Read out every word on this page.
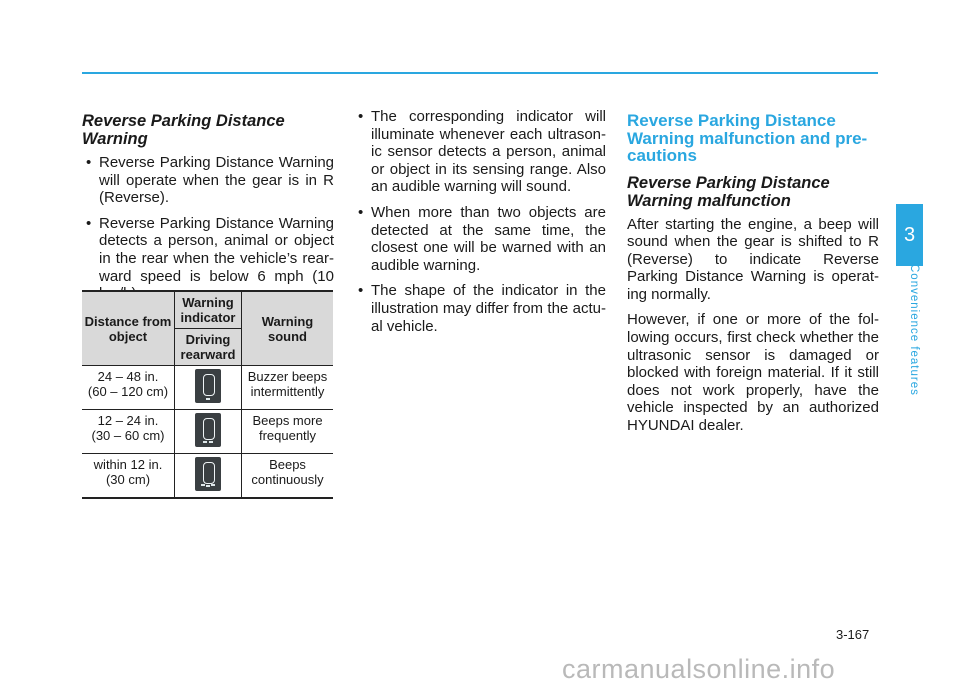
Reverse Parking Distance Warning
• Reverse Parking Distance Warning will operate when the gear is in R (Reverse).
• Reverse Parking Distance Warning detects a person, animal or object in the rear when the vehicle’s rear-ward speed is below 6 mph (10
Distance from object	Warning indicator	Warning sound
	Driving rearward	
24 – 48 in.
(60 – 120 cm)		Buzzer beeps intermittently
12 – 24 in.
(30 – 60 cm)		Beeps more frequently
within 12 in.
(30 cm)		Beeps continuously
• The corresponding indicator will illuminate whenever each ultrason-ic sensor detects a person, animal or object in its sensing range. Also an audible warning will sound.
• When more than two objects are detected at the same time, the closest one will be warned with an audible warning.
• The shape of the indicator in the illustration may differ from the actu-al vehicle.
Reverse Parking Distance Warning malfunction and pre-cautions
Reverse Parking Distance Warning malfunction

After starting the engine, a beep will sound when the gear is shifted to R (Reverse) to indicate Reverse Parking Distance Warning is operat-ing normally.

However, if one or more of the fol-lowing occurs, first check whether the ultrasonic sensor is damaged or blocked with foreign material. If it still does not work properly, have the vehicle inspected by an authorized HYUNDAI dealer.

3
Convenience features
3-167
carmanualsonline.info
